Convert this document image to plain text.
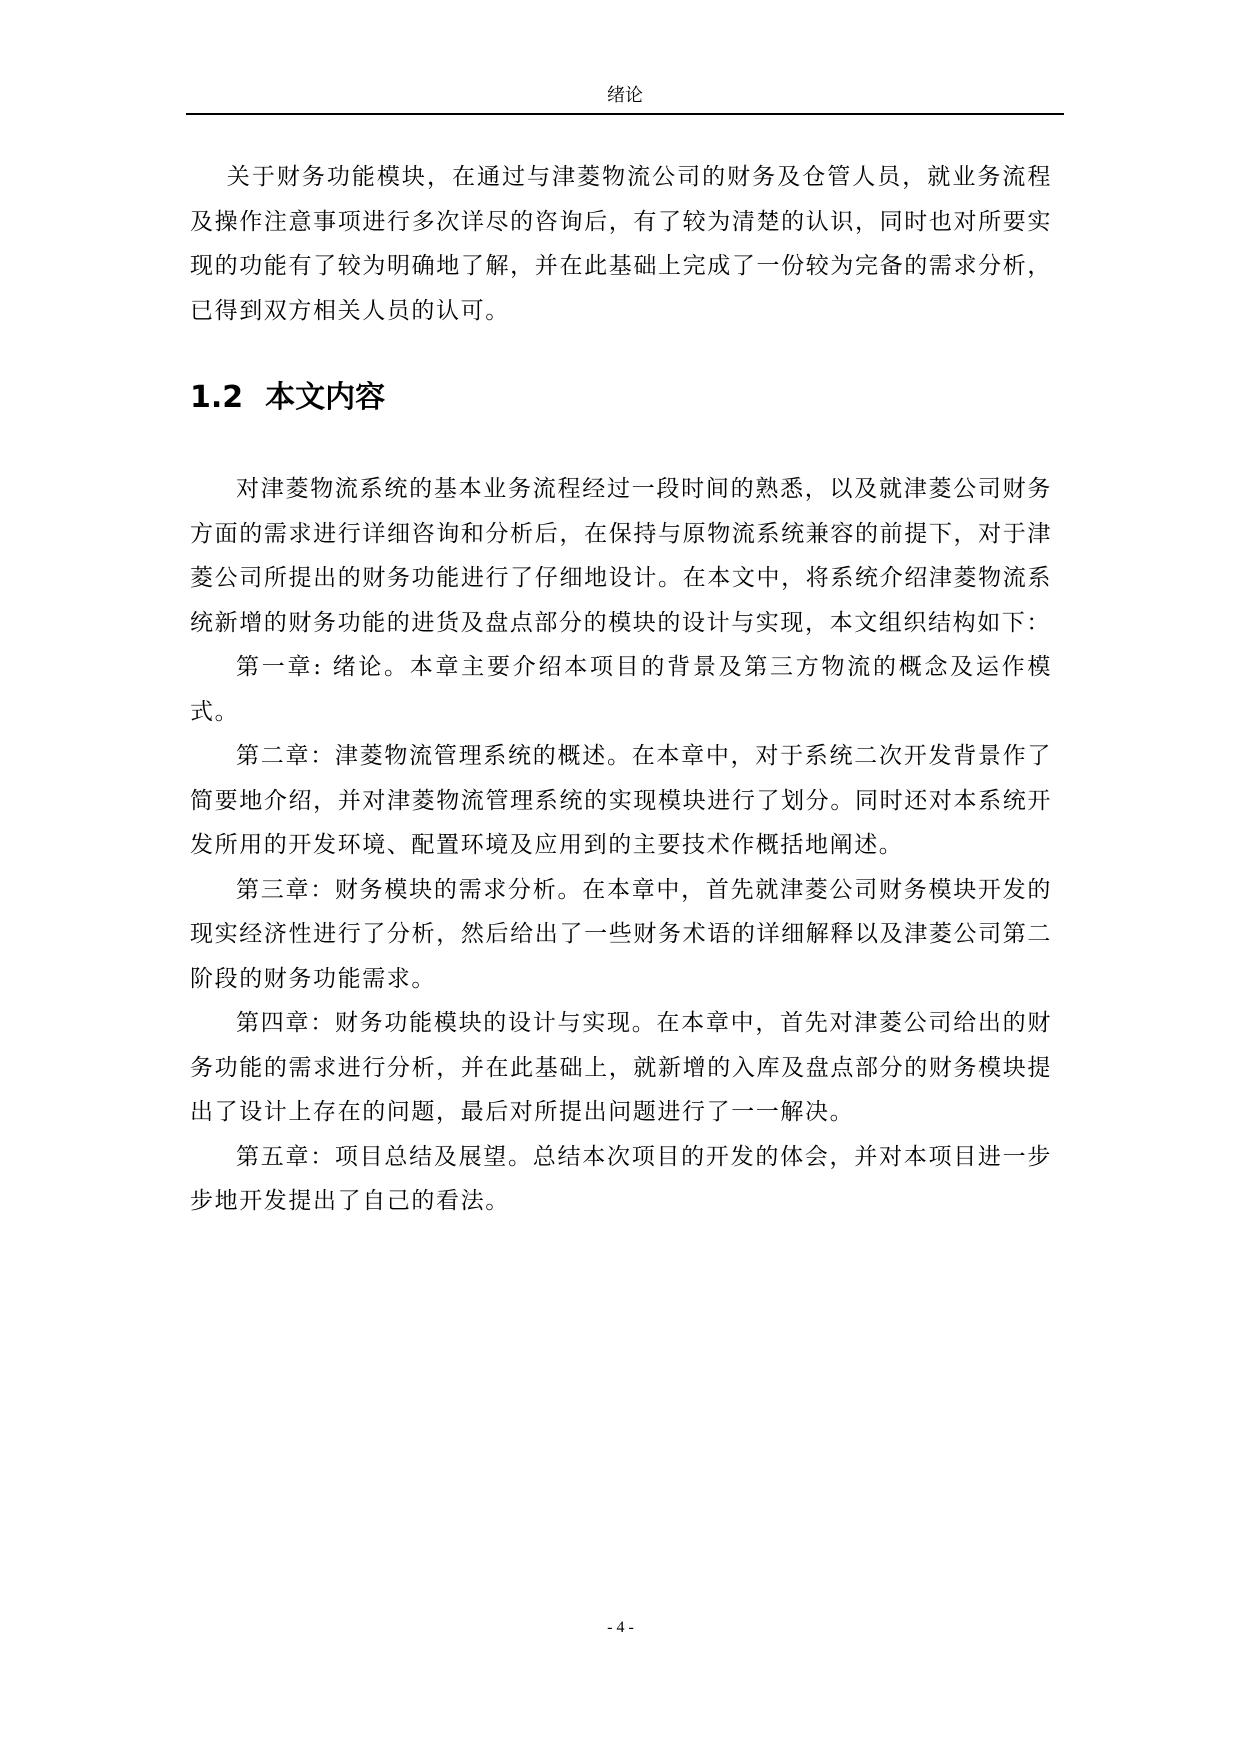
绪论

关于财务功能模块，在通过与津菱物流公司的财务及仓管人员，就业务流程及操作注意事项进行多次详尽的咨询后，有了较为清楚的认识，同时也对所要实现的功能有了较为明确地了解，并在此基础上完成了一份较为完备的需求分析，已得到双方相关人员的认可。

1.2 本文内容

对津菱物流系统的基本业务流程经过一段时间的熟悉，以及就津菱公司财务方面的需求进行详细咨询和分析后，在保持与原物流系统兼容的前提下，对于津菱公司所提出的财务功能进行了仔细地设计。在本文中，将系统介绍津菱物流系统新增的财务功能的进货及盘点部分的模块的设计与实现，本文组织结构如下：

第一章: 绪论。本章主要介绍本项目的背景及第三方物流的概念及运作模式。

第二章：津菱物流管理系统的概述。在本章中，对于系统二次开发背景作了简要地介绍，并对津菱物流管理系统的实现模块进行了划分。同时还对本系统开发所用的开发环境、配置环境及应用到的主要技术作概括地阐述。

第三章：财务模块的需求分析。在本章中，首先就津菱公司财务模块开发的现实经济性进行了分析，然后给出了一些财务术语的详细解释以及津菱公司第二阶段的财务功能需求。

第四章：财务功能模块的设计与实现。在本章中，首先对津菱公司给出的财务功能的需求进行分析，并在此基础上，就新增的入库及盘点部分的财务模块提出了设计上存在的问题，最后对所提出问题进行了一一解决。

第五章：项目总结及展望。总结本次项目的开发的体会，并对本项目进一步步地开发提出了自己的看法。

- 4 -
